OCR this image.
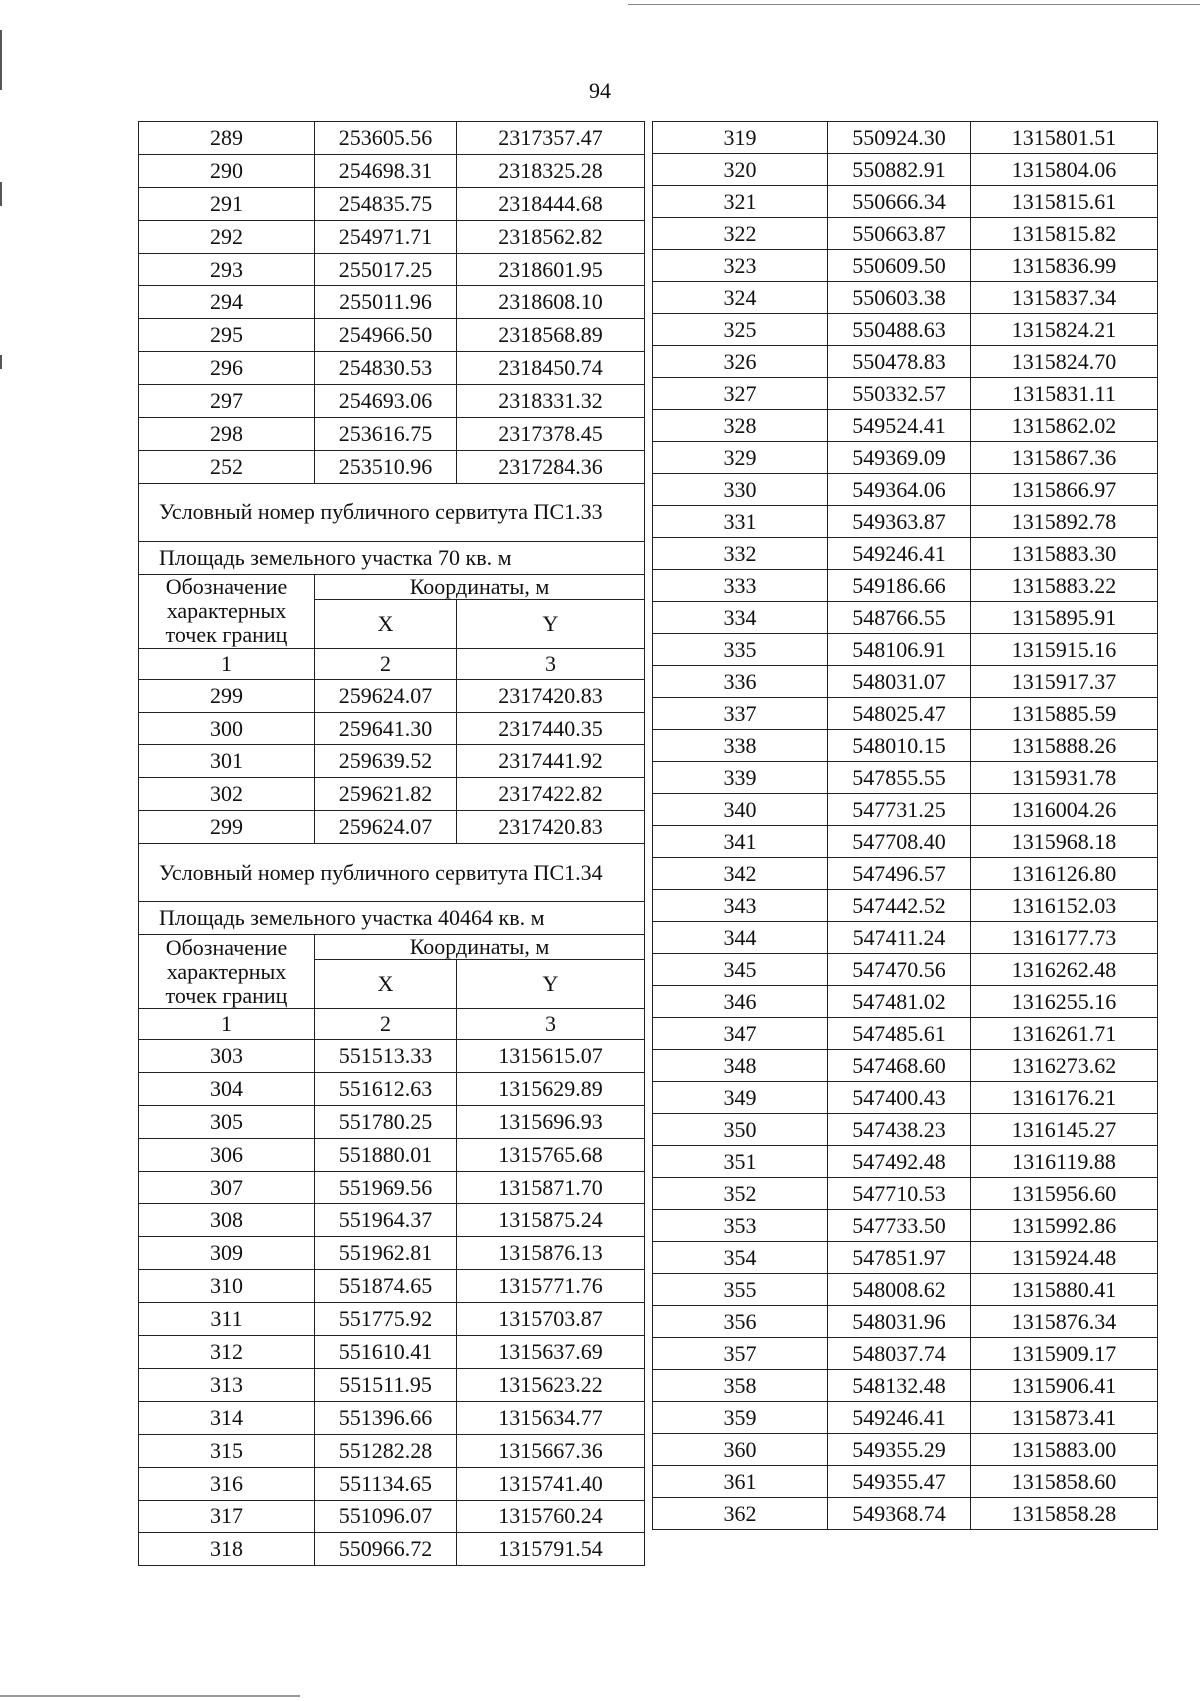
94
289	253605.56	2317357.47
290	254698.31	2318325.28
291	254835.75	2318444.68
292	254971.71	2318562.82
293	255017.25	2318601.95
294	255011.96	2318608.10
295	254966.50	2318568.89
296	254830.53	2318450.74
297	254693.06	2318331.32
298	253616.75	2317378.45
252	253510.96	2317284.36
Условный номер публичного сервитута ПС1.33		
Площадь земельного участка 70 кв. м		
Обозначение характерных точек границ	Координаты, м	
	X	Y
1	2	3
299	259624.07	2317420.83
300	259641.30	2317440.35
301	259639.52	2317441.92
302	259621.82	2317422.82
299	259624.07	2317420.83
Условный номер публичного сервитута ПС1.34		
Площадь земельного участка 40464 кв. м		
Обозначение характерных точек границ	Координаты, м	
	X	Y
1	2	3
303	551513.33	1315615.07
304	551612.63	1315629.89
305	551780.25	1315696.93
306	551880.01	1315765.68
307	551969.56	1315871.70
308	551964.37	1315875.24
309	551962.81	1315876.13
310	551874.65	1315771.76
311	551775.92	1315703.87
312	551610.41	1315637.69
313	551511.95	1315623.22
314	551396.66	1315634.77
315	551282.28	1315667.36
316	551134.65	1315741.40
317	551096.07	1315760.24
318	550966.72	1315791.54
319	550924.30	1315801.51
320	550882.91	1315804.06
321	550666.34	1315815.61
322	550663.87	1315815.82
323	550609.50	1315836.99
324	550603.38	1315837.34
325	550488.63	1315824.21
326	550478.83	1315824.70
327	550332.57	1315831.11
328	549524.41	1315862.02
329	549369.09	1315867.36
330	549364.06	1315866.97
331	549363.87	1315892.78
332	549246.41	1315883.30
333	549186.66	1315883.22
334	548766.55	1315895.91
335	548106.91	1315915.16
336	548031.07	1315917.37
337	548025.47	1315885.59
338	548010.15	1315888.26
339	547855.55	1315931.78
340	547731.25	1316004.26
341	547708.40	1315968.18
342	547496.57	1316126.80
343	547442.52	1316152.03
344	547411.24	1316177.73
345	547470.56	1316262.48
346	547481.02	1316255.16
347	547485.61	1316261.71
348	547468.60	1316273.62
349	547400.43	1316176.21
350	547438.23	1316145.27
351	547492.48	1316119.88
352	547710.53	1315956.60
353	547733.50	1315992.86
354	547851.97	1315924.48
355	548008.62	1315880.41
356	548031.96	1315876.34
357	548037.74	1315909.17
358	548132.48	1315906.41
359	549246.41	1315873.41
360	549355.29	1315883.00
361	549355.47	1315858.60
362	549368.74	1315858.28
